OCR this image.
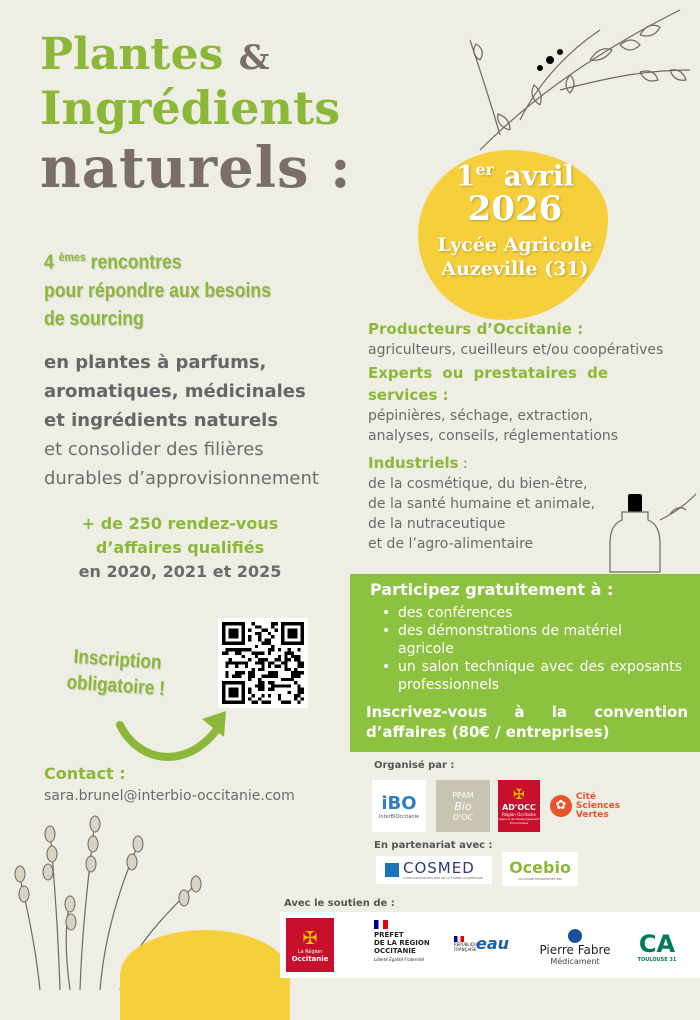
Plantes &
Ingrédients
naturels :	1er avril
2026
Lycée Agricole
Auzeville (31)
4 $^{èmes}$ rencontres
pour répondre aux besoins
de sourcing
en plantes à parfums,
aromatiques, médicinales
et ingrédients naturels
et consolider des filières
durables d’approvisionnement
+ de 250 rendez-vous
d’affaires qualifiés
en 2020, 2021 et 2025
Inscription
obligatoire !
Contact :
sara.brunel@interbio-occitanie.com
Producteurs d’Occitanie :
agriculteurs, cueilleurs et/ou coopératives
Experts ou prestataires de services :
pépinières, séchage, extraction,
analyses, conseils, réglementations
Industriels :
de la cosmétique, du bien-être,
de la santé humaine et animale,
de la nutraceutique
et de l’agro-alimentaire
Participez gratuitement à :
• des conférences
• des démonstrations de matériel agricole
• un salon technique avec des exposants professionnels
Inscrivez-vous à la convention d’affaires (80€ / entreprises)
Organisé par :
iBO
InterBIOccitanie
PPAM
Bio
D'OC
✠
AD'OCC
Région Occitanie
Agence de Développement Économique
✿
Cité
Sciences
Vertes
En partenariat avec :
COSMED
L'ASSOCIATION DES PME DE LA FILIÈRE COSMÉTIQUE
Ocebio
OCCITANIE ENTREPRISES BIO
Avec le soutien de :
✠
La Région
Occitanie
PRÉFET
DE LA RÉGION
OCCITANIE
Liberté Égalité Fraternité
RÉPUBLIQUE FRANÇAISE eau	Pierre Fabre
Médicament
CA
TOULOUSE 31
